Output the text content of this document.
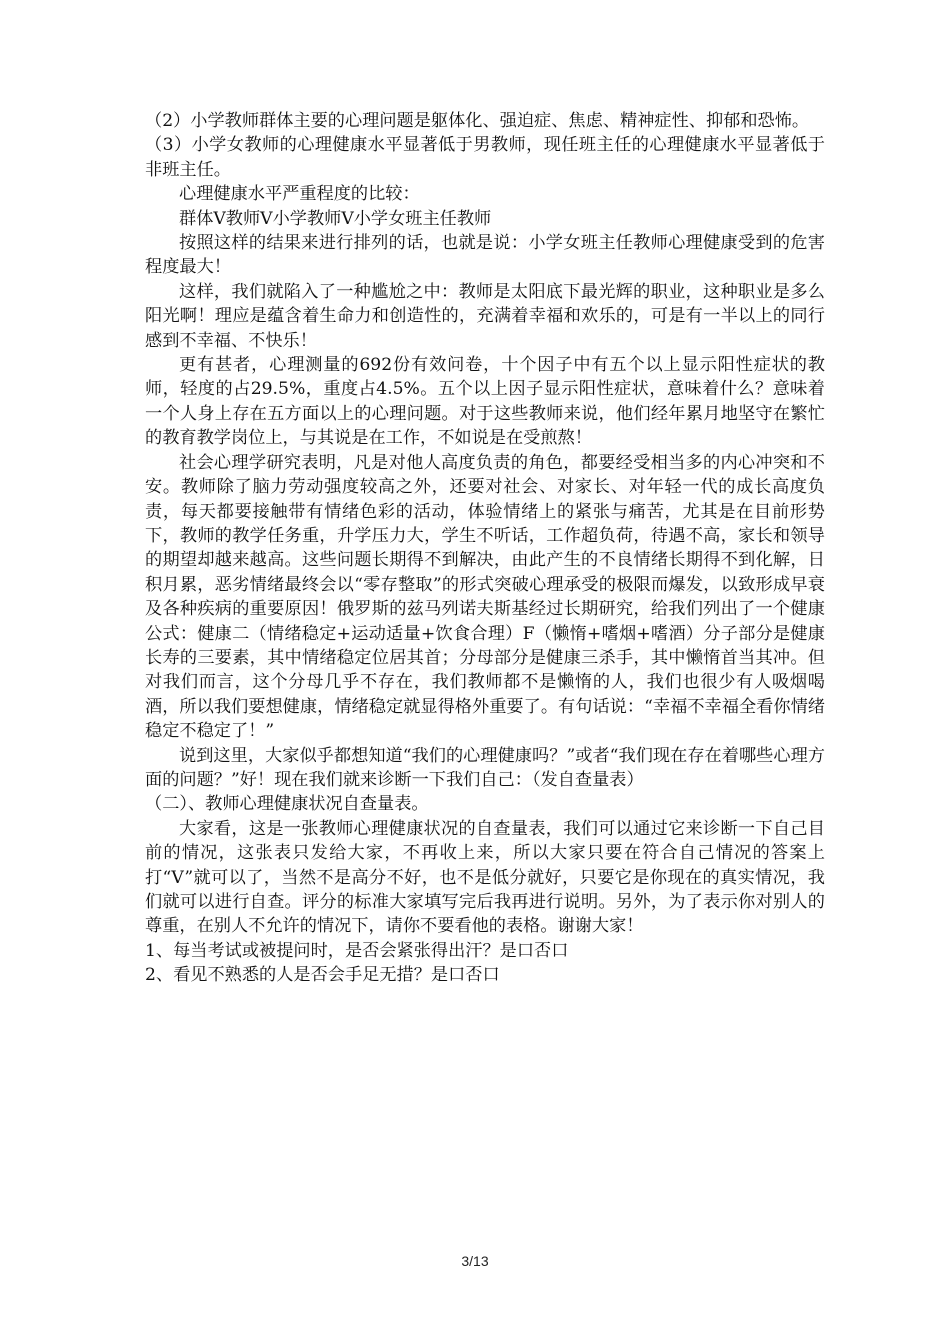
（2）小学教师群体主要的心理问题是躯体化、强迫症、焦虑、精神症性、抑郁和恐怖。

（3）小学女教师的心理健康水平显著低于男教师，现任班主任的心理健康水平显著低于非班主任。

心理健康水平严重程度的比较：

群体V教师V小学教师V小学女班主任教师

按照这样的结果来进行排列的话，也就是说：小学女班主任教师心理健康受到的危害程度最大！

这样，我们就陷入了一种尴尬之中：教师是太阳底下最光辉的职业，这种职业是多么阳光啊！理应是蕴含着生命力和创造性的，充满着幸福和欢乐的，可是有一半以上的同行感到不幸福、不快乐！

更有甚者，心理测量的692份有效问卷，十个因子中有五个以上显示阳性症状的教师，轻度的占29.5%，重度占4.5%。五个以上因子显示阳性症状，意味着什么？意味着一个人身上存在五方面以上的心理问题。对于这些教师来说，他们经年累月地坚守在繁忙的教育教学岗位上，与其说是在工作，不如说是在受煎熬！

社会心理学研究表明，凡是对他人高度负责的角色，都要经受相当多的内心冲突和不安。教师除了脑力劳动强度较高之外，还要对社会、对家长、对年轻一代的成长高度负责，每天都要接触带有情绪色彩的活动，体验情绪上的紧张与痛苦，尤其是在目前形势下，教师的教学任务重，升学压力大，学生不听话，工作超负荷，待遇不高，家长和领导的期望却越来越高。这些问题长期得不到解决，由此产生的不良情绪长期得不到化解，日积月累，恶劣情绪最终会以“零存整取”的形式突破心理承受的极限而爆发，以致形成早衰及各种疾病的重要原因！俄罗斯的兹马列诺夫斯基经过长期研究，给我们列出了一个健康公式：健康二（情绪稳定+运动适量+饮食合理）F（懒惰+嗜烟+嗜酒）分子部分是健康长寿的三要素，其中情绪稳定位居其首；分母部分是健康三杀手，其中懒惰首当其冲。但对我们而言，这个分母几乎不存在，我们教师都不是懒惰的人，我们也很少有人吸烟喝酒，所以我们要想健康，情绪稳定就显得格外重要了。有句话说：“幸福不幸福全看你情绪稳定不稳定了！”

说到这里，大家似乎都想知道“我们的心理健康吗？”或者“我们现在存在着哪些心理方面的问题？”好！现在我们就来诊断一下我们自己：（发自查量表）

（二）、教师心理健康状况自查量表。

大家看，这是一张教师心理健康状况的自查量表，我们可以通过它来诊断一下自己目前的情况，这张表只发给大家，不再收上来，所以大家只要在符合自己情况的答案上打“V”就可以了，当然不是高分不好，也不是低分就好，只要它是你现在的真实情况，我们就可以进行自查。评分的标准大家填写完后我再进行说明。另外，为了表示你对别人的尊重，在别人不允许的情况下，请你不要看他的表格。谢谢大家！

1、每当考试或被提问时，是否会紧张得出汗？是口否口

2、看见不熟悉的人是否会手足无措？是口否口

3/13
